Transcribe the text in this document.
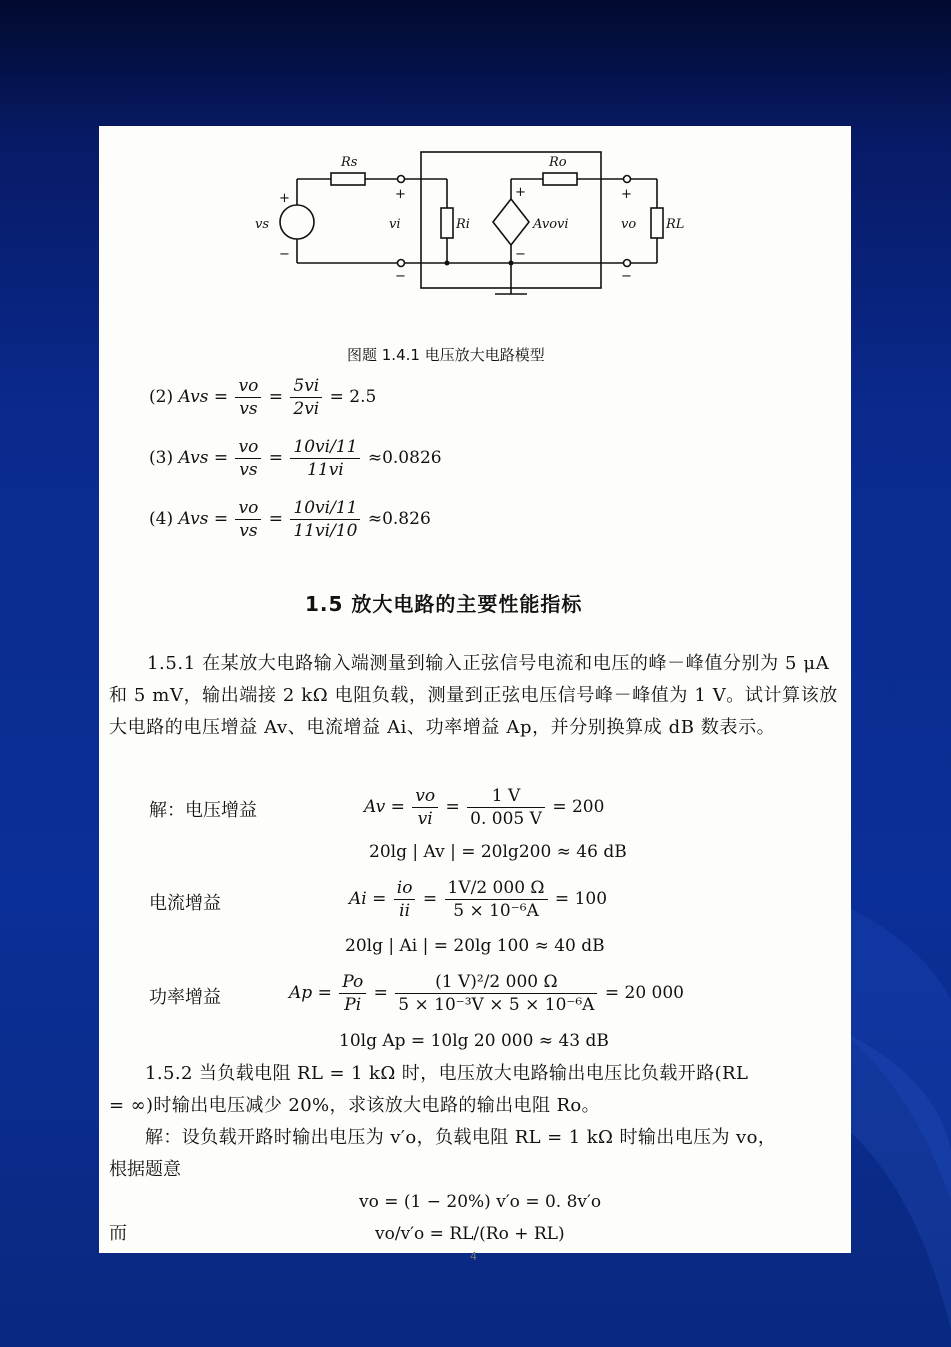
Rs
vs	vi	Ri
Ro
Avovi	vo RL
+
−
+
−
+
−
+
−
图题 1.4.1 电压放大电路模型
(2) Avs = $\frac{vo}{vs} = \frac{5vi}{2vi} = 2.5$
(3) Avs = $\frac{vo}{vs} = \frac{10vi/11}{11vi} \approx 0.0826$
(4) Avs = $\frac{vo}{vs} = \frac{10vi/11}{11vi/10} \approx 0.826$
1.5 放大电路的主要性能指标
1.5.1 在某放大电路输入端测量到输入正弦信号电流和电压的峰－峰值分别为 5 μA 和 5 mV，输出端接 2 kΩ 电阻负载，测量到正弦电压信号峰－峰值为 1 V。试计算该放大电路的电压增益 Av、电流增益 Ai、功率增益 Ap，并分别换算成 dB 数表示。
解：电压增益	$Av = \frac{vo}{vi} = \frac{1 V}{0. 005 V} = 200$
20lg | Av | = 20lg200 ≈ 46 dB
电流增益	$Ai = \frac{io}{ii} = \frac{1V/2 000 \Omega}{\text{5 × 10⁻⁶A}} = 100$
20lg | Ai | = 20lg 100 ≈ 40 dB
功率增益	$Ap = \frac{Po}{Pi} = \frac{\text{(1 V)²/2 000 Ω}}{\text{5 × 10⁻³V × 5 × 10⁻⁶A}} = 20$ 000
10lg Ap = 10lg 20 000 ≈ 43 dB
1.5.2 当负载电阻 RL = 1 kΩ 时，电压放大电路输出电压比负载开路(RL
= ∞)时输出电压减少 20%，求该放大电路的输出电阻 Ro。
解：设负载开路时输出电压为 v′o，负载电阻 RL = 1 kΩ 时输出电压为 vo，
根据题意
vo = (1 − 20%) v′o = 0. 8v′o
而	vo/v′o = RL/(Ro + RL)
4
